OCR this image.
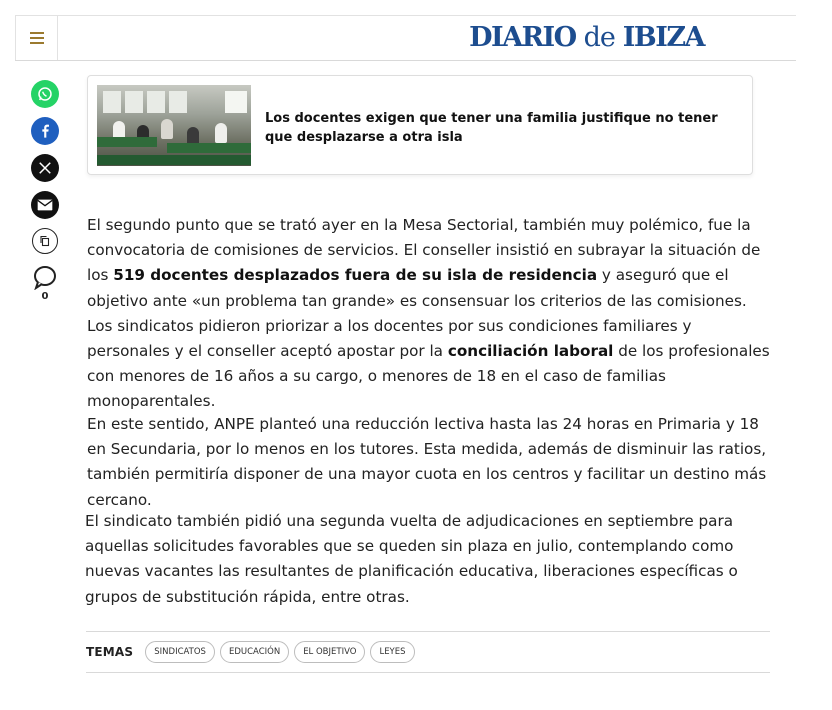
DIARIO de IBIZA
0
Los docentes exigen que tener una familia justifique no tener que desplazarse a otra isla

El segundo punto que se trató ayer en la Mesa Sectorial, también muy polémico, fue la convocatoria de comisiones de servicios. El conseller insistió en subrayar la situación de los 519 docentes desplazados fuera de su isla de residencia y aseguró que el objetivo ante «un problema tan grande» es consensuar los criterios de las comisiones. Los sindicatos pidieron priorizar a los docentes por sus condiciones familiares y personales y el conseller aceptó apostar por la conciliación laboral de los profesionales con menores de 16 años a su cargo, o menores de 18 en el caso de familias monoparentales.

En este sentido, ANPE planteó una reducción lectiva hasta las 24 horas en Primaria y 18 en Secundaria, por lo menos en los tutores. Esta medida, además de disminuir las ratios, también permitiría disponer de una mayor cuota en los centros y facilitar un destino más cercano.

El sindicato también pidió una segunda vuelta de adjudicaciones en septiembre para aquellas solicitudes favorables que se queden sin plaza en julio, contemplando como nuevas vacantes las resultantes de planificación educativa, liberaciones específicas o grupos de substitución rápida, entre otras.

TEMAS	SINDICATOS	EDUCACIÓN	EL OBJETIVO	LEYES
